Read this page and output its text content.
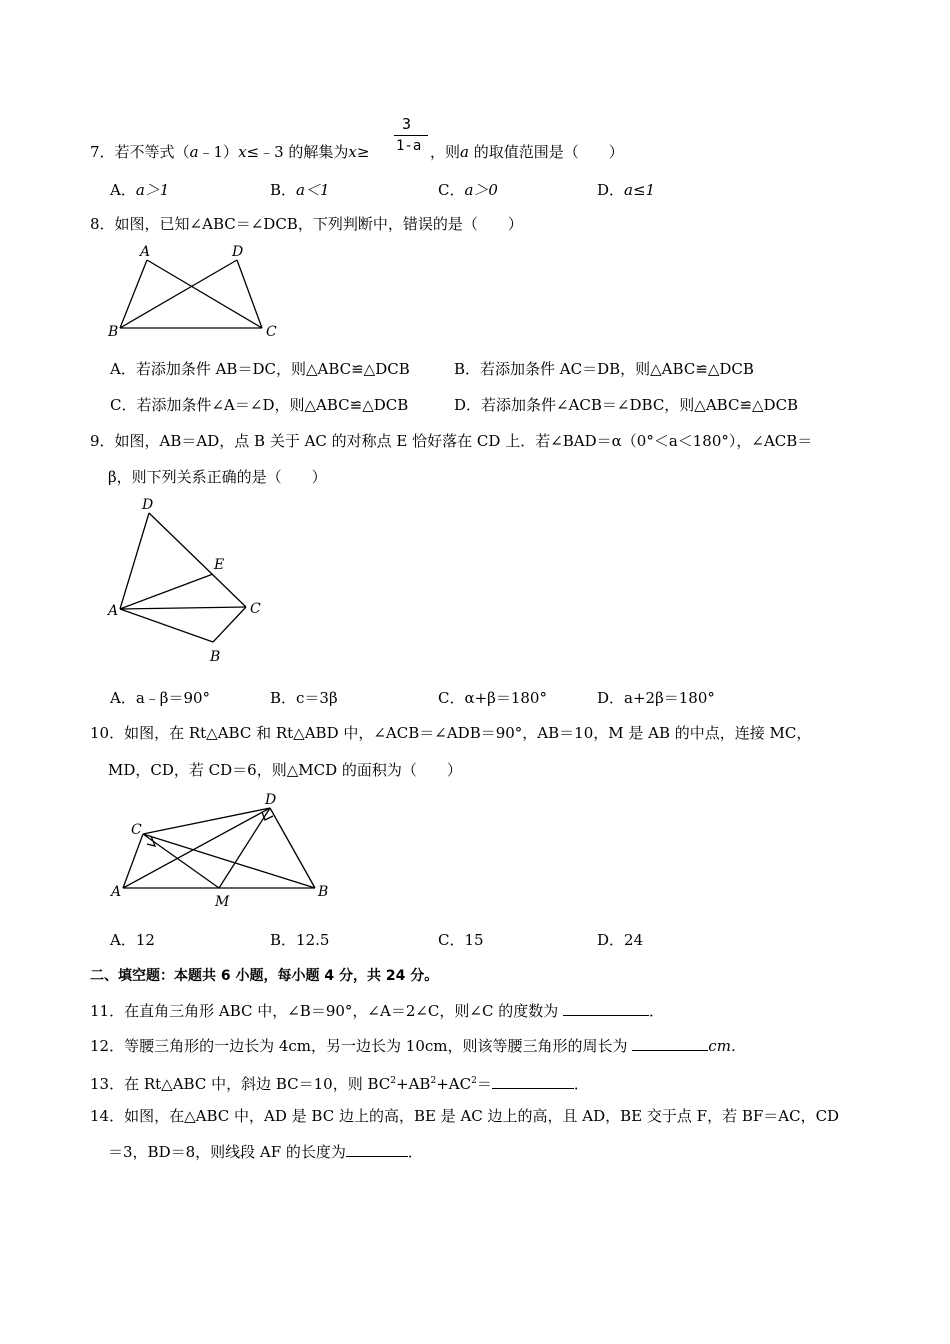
3
1-a
7．若不等式（a﹣1）x≤﹣3 的解集为x≥	，则a 的取值范围是（　　）
A．a＞1	B．a＜1	C．a＞0	D．a≤1
8．如图，已知∠ABC＝∠DCB，下列判断中，错误的是（　　）
A	D
B	C
A．若添加条件 AB＝DC，则△ABC≌△DCB	B．若添加条件 AC＝DB，则△ABC≌△DCB
C．若添加条件∠A＝∠D，则△ABC≌△DCB	D．若添加条件∠ACB＝∠DBC，则△ABC≌△DCB
9．如图，AB＝AD，点 B 关于 AC 的对称点 E 恰好落在 CD 上．若∠BAD＝α（0°＜a＜180°），∠ACB＝
β，则下列关系正确的是（　　）
D
E
A	C
B
A．a﹣β＝90°	B．c＝3β	C．α+β＝180°	D．a+2β＝180°
10．如图，在 Rt△ABC 和 Rt△ABD 中，∠ACB＝∠ADB＝90°，AB＝10，M 是 AB 的中点，连接 MC，
MD，CD，若 CD＝6，则△MCD 的面积为（　　）
D
C
A
M
B
A．12	B．12.5	C．15	D．24
二、填空题：本题共 6 小题，每小题 4 分，共 24 分。
11．在直角三角形 ABC 中，∠B＝90°，∠A＝2∠C，则∠C 的度数为	．
12．等腰三角形的一边长为 4cm，另一边长为 10cm，则该等腰三角形的周长为	cm．
13．在 Rt△ABC 中，斜边 BC＝10，则 $BC^2+AB^2+AC^2=$	．
14．如图，在△ABC 中，AD 是 BC 边上的高，BE 是 AC 边上的高，且 AD，BE 交于点 F，若 BF＝AC，CD
＝3，BD＝8，则线段 AF 的长度为	．
